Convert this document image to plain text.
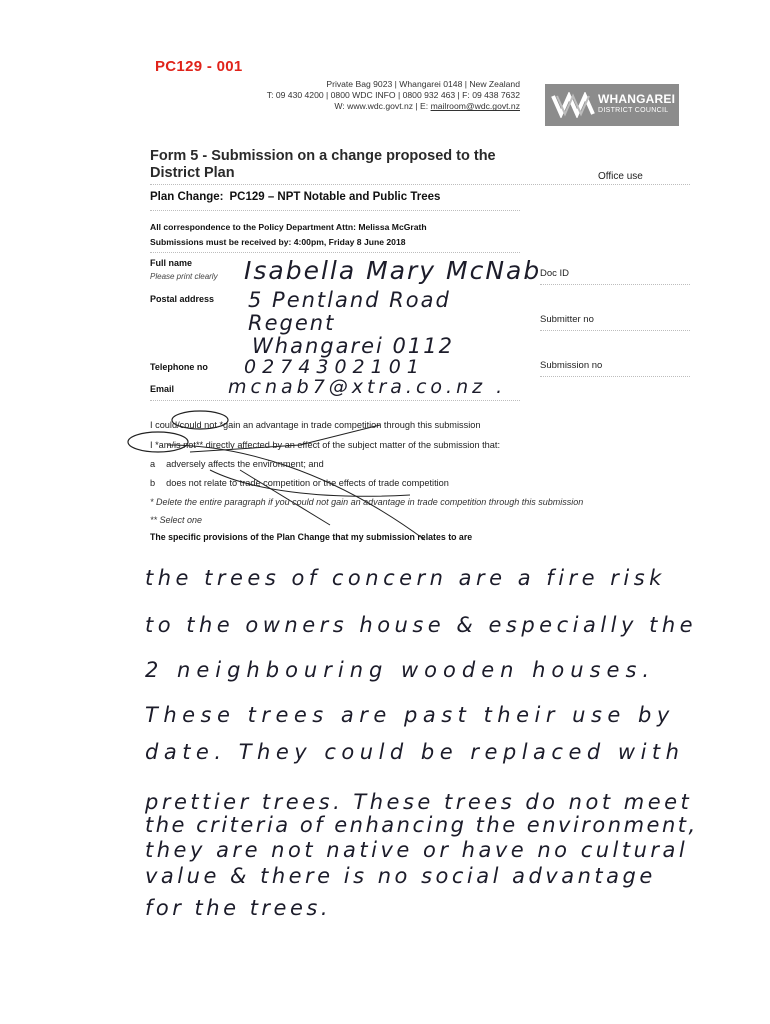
PC129 - 001
Private Bag 9023 | Whangarei 0148 | New Zealand
T: 09 430 4200 | 0800 WDC INFO | 0800 932 463 | F: 09 438 7632
W: www.wdc.govt.nz | E: mailroom@wdc.govt.nz
WHANGAREI
DISTRICT COUNCIL
Form 5 - Submission on a change proposed to the District Plan	Office use
Plan Change: PC129 – NPT Notable and Public Trees
All correspondence to the Policy Department Attn: Melissa McGrath
Submissions must be received by: 4:00pm, Friday 8 June 2018
Full name
Please print clearly Isabella Mary McNab
Postal address 5 Pentland Road
Regent
Whangarei 0112
Telephone no 0274302101
Email	mcnab7@xtra.co.nz .
Doc ID
Submitter no
Submission no
I could/could not *gain an advantage in trade competition through this submission
I *am/is not** directly affected by an effect of the subject matter of the submission that:
a adversely affects the environment; and
b does not relate to trade competition or the effects of trade competition
* Delete the entire paragraph if you could not gain an advantage in trade competition through this submission
** Select one
The specific provisions of the Plan Change that my submission relates to are
the trees of concern are a fire risk
to the owners house & especially the
2 neighbouring wooden houses.
These trees are past their use by
date. They could be replaced with
prettier trees. These trees do not meet
the criteria of enhancing the environment,
they are not native or have no cultural
value & there is no social advantage
for the trees.
